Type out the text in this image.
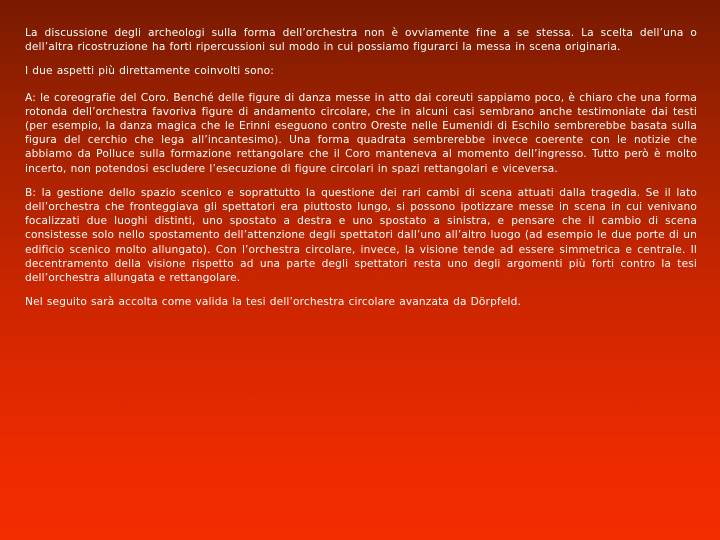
La discussione degli archeologi sulla forma dell’orchestra non è ovviamente fine a se stessa. La scelta dell’una o dell’altra ricostruzione ha forti ripercussioni sul modo in cui possiamo figurarci la messa in scena originaria.

I due aspetti più direttamente coinvolti sono:

A: le coreografie del Coro. Benché delle figure di danza messe in atto dai coreuti sappiamo poco, è chiaro che una forma rotonda dell’orchestra favoriva figure di andamento circolare, che in alcuni casi sembrano anche testimoniate dai testi (per esempio, la danza magica che le Erinni eseguono contro Oreste nelle Eumenidi di Eschilo sembrerebbe basata sulla figura del cerchio che lega all’incantesimo). Una forma quadrata sembrerebbe invece coerente con le notizie che abbiamo da Polluce sulla formazione rettangolare che il Coro manteneva al momento dell’ingresso. Tutto però è molto incerto, non potendosi escludere l’esecuzione di figure circolari in spazi rettangolari e viceversa.

B: la gestione dello spazio scenico e soprattutto la questione dei rari cambi di scena attuati dalla tragedia. Se il lato dell’orchestra che fronteggiava gli spettatori era piuttosto lungo, si possono ipotizzare messe in scena in cui venivano focalizzati due luoghi distinti, uno spostato a destra e uno spostato a sinistra, e pensare che il cambio di scena consistesse solo nello spostamento dell’attenzione degli spettatori dall’uno all’altro luogo (ad esempio le due porte di un edificio scenico molto allungato). Con l’orchestra circolare, invece, la visione tende ad essere simmetrica e centrale. Il decentramento della visione rispetto ad una parte degli spettatori resta uno degli argomenti più forti contro la tesi dell’orchestra allungata e rettangolare.

Nel seguito sarà accolta come valida la tesi dell’orchestra circolare avanzata da Dörpfeld.
